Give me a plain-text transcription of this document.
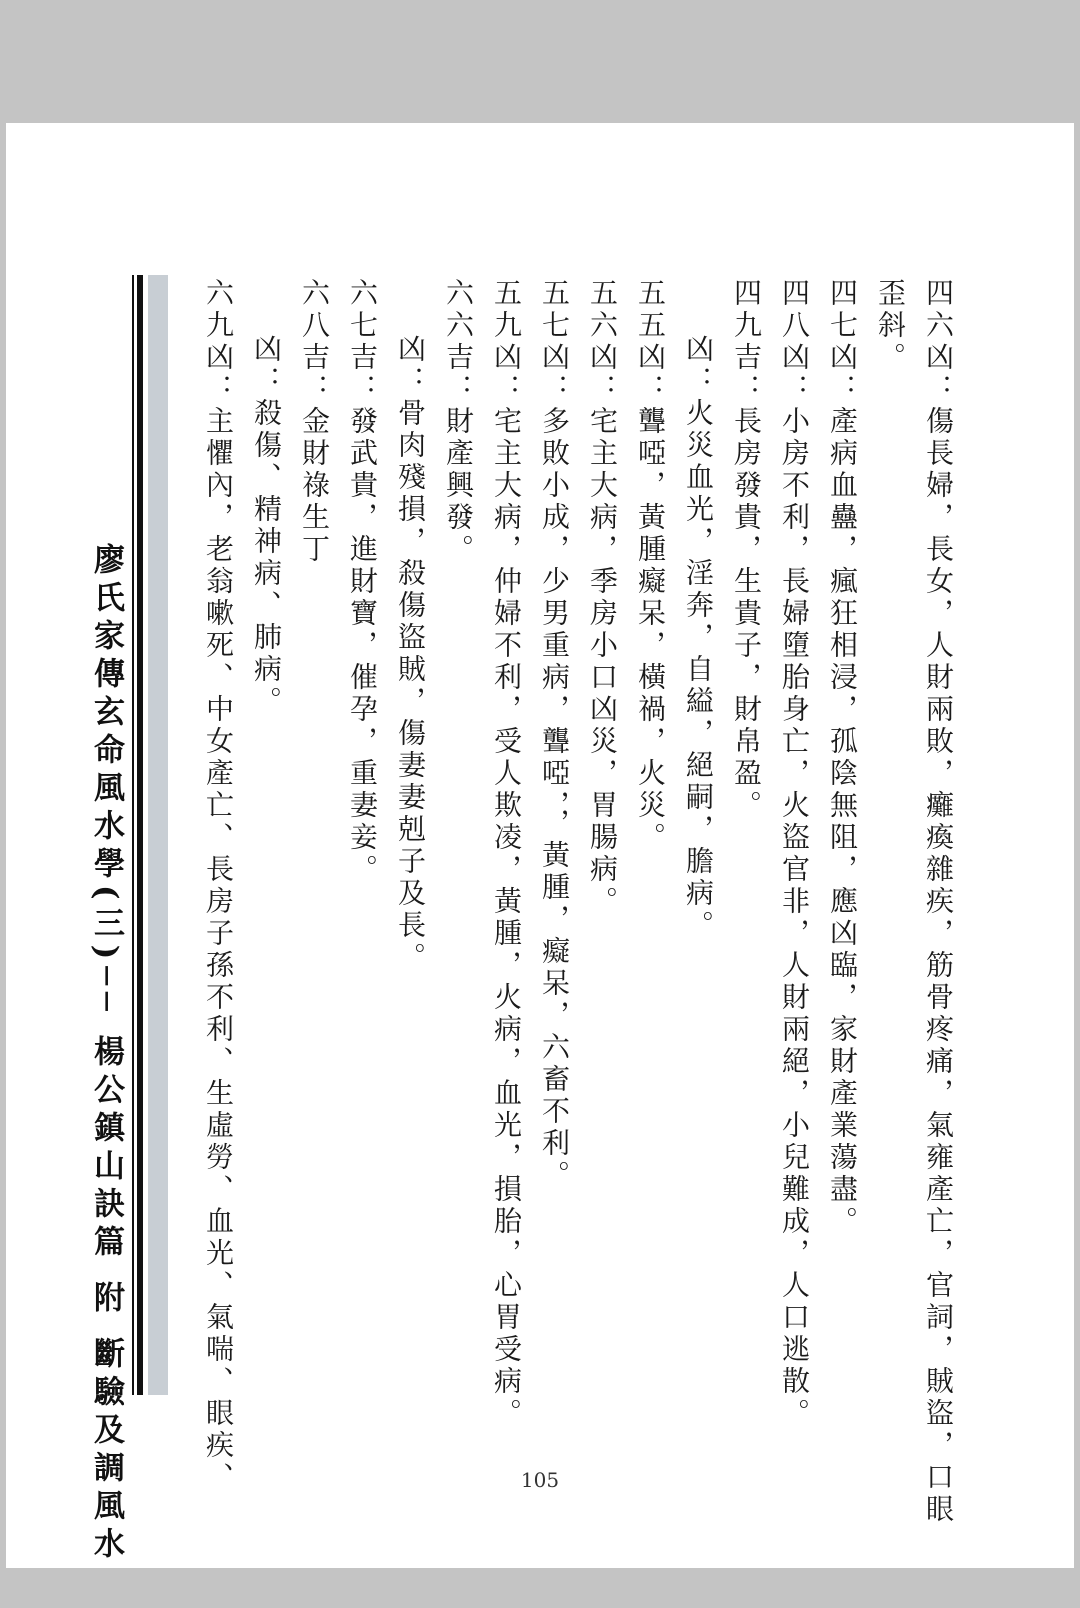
四六凶：傷長婦，長女，人財兩敗，癱瘓雜疾，筋骨疼痛，氣雍產亡，官詞，賊盜，口眼歪斜。

四七凶：產病血蠱，瘋狂相浸，孤陰無阻，應凶臨，家財產業蕩盡。

四八凶：小房不利，長婦墮胎身亡，火盜官非，人財兩絕，小兒難成，人口逃散。

四九吉：長房發貴，生貴子，財帛盈。

凶：火災血光，淫奔，自縊，絕嗣，膽病。

五五凶：聾啞，黃腫癡呆，橫禍，火災。

五六凶：宅主大病，季房小口凶災，胃腸病。

五七凶：多敗小成，少男重病，聾啞，，黃腫，癡呆，六畜不利。

五九凶：宅主大病，仲婦不利，受人欺凌，黃腫，火病，血光，損胎，心胃受病。

六六吉：財產興發。

凶：骨肉殘損，殺傷盜賊，傷妻妻剋子及長。

六七吉：發武貴，進財寶，催孕，重妻妾。

六八吉：金財祿生丁

凶：殺傷、精神病、肺病。

六九凶：主懼內，老翁嗽死、中女產亡、長房子孫不利、生虛勞、血光、氣喘、眼疾、

廖氏家傳玄命風水學(三)── 楊公鎮山訣篇 附 斷驗及調風水	105
